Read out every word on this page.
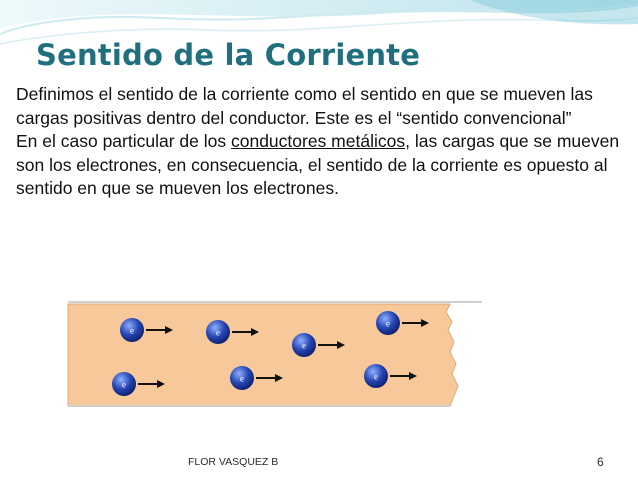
Sentido de la Corriente

Definimos el sentido de la corriente como el sentido en que se mueven las cargas positivas dentro del conductor. Este es el “sentido convencional”

En el caso particular de los conductores metálicos, las cargas que se mueven son los electrones, en consecuencia, el sentido de la corriente es opuesto al sentido en que se mueven los electrones.

e	e
e
e
e
e	e
FLOR VASQUEZ B	6
